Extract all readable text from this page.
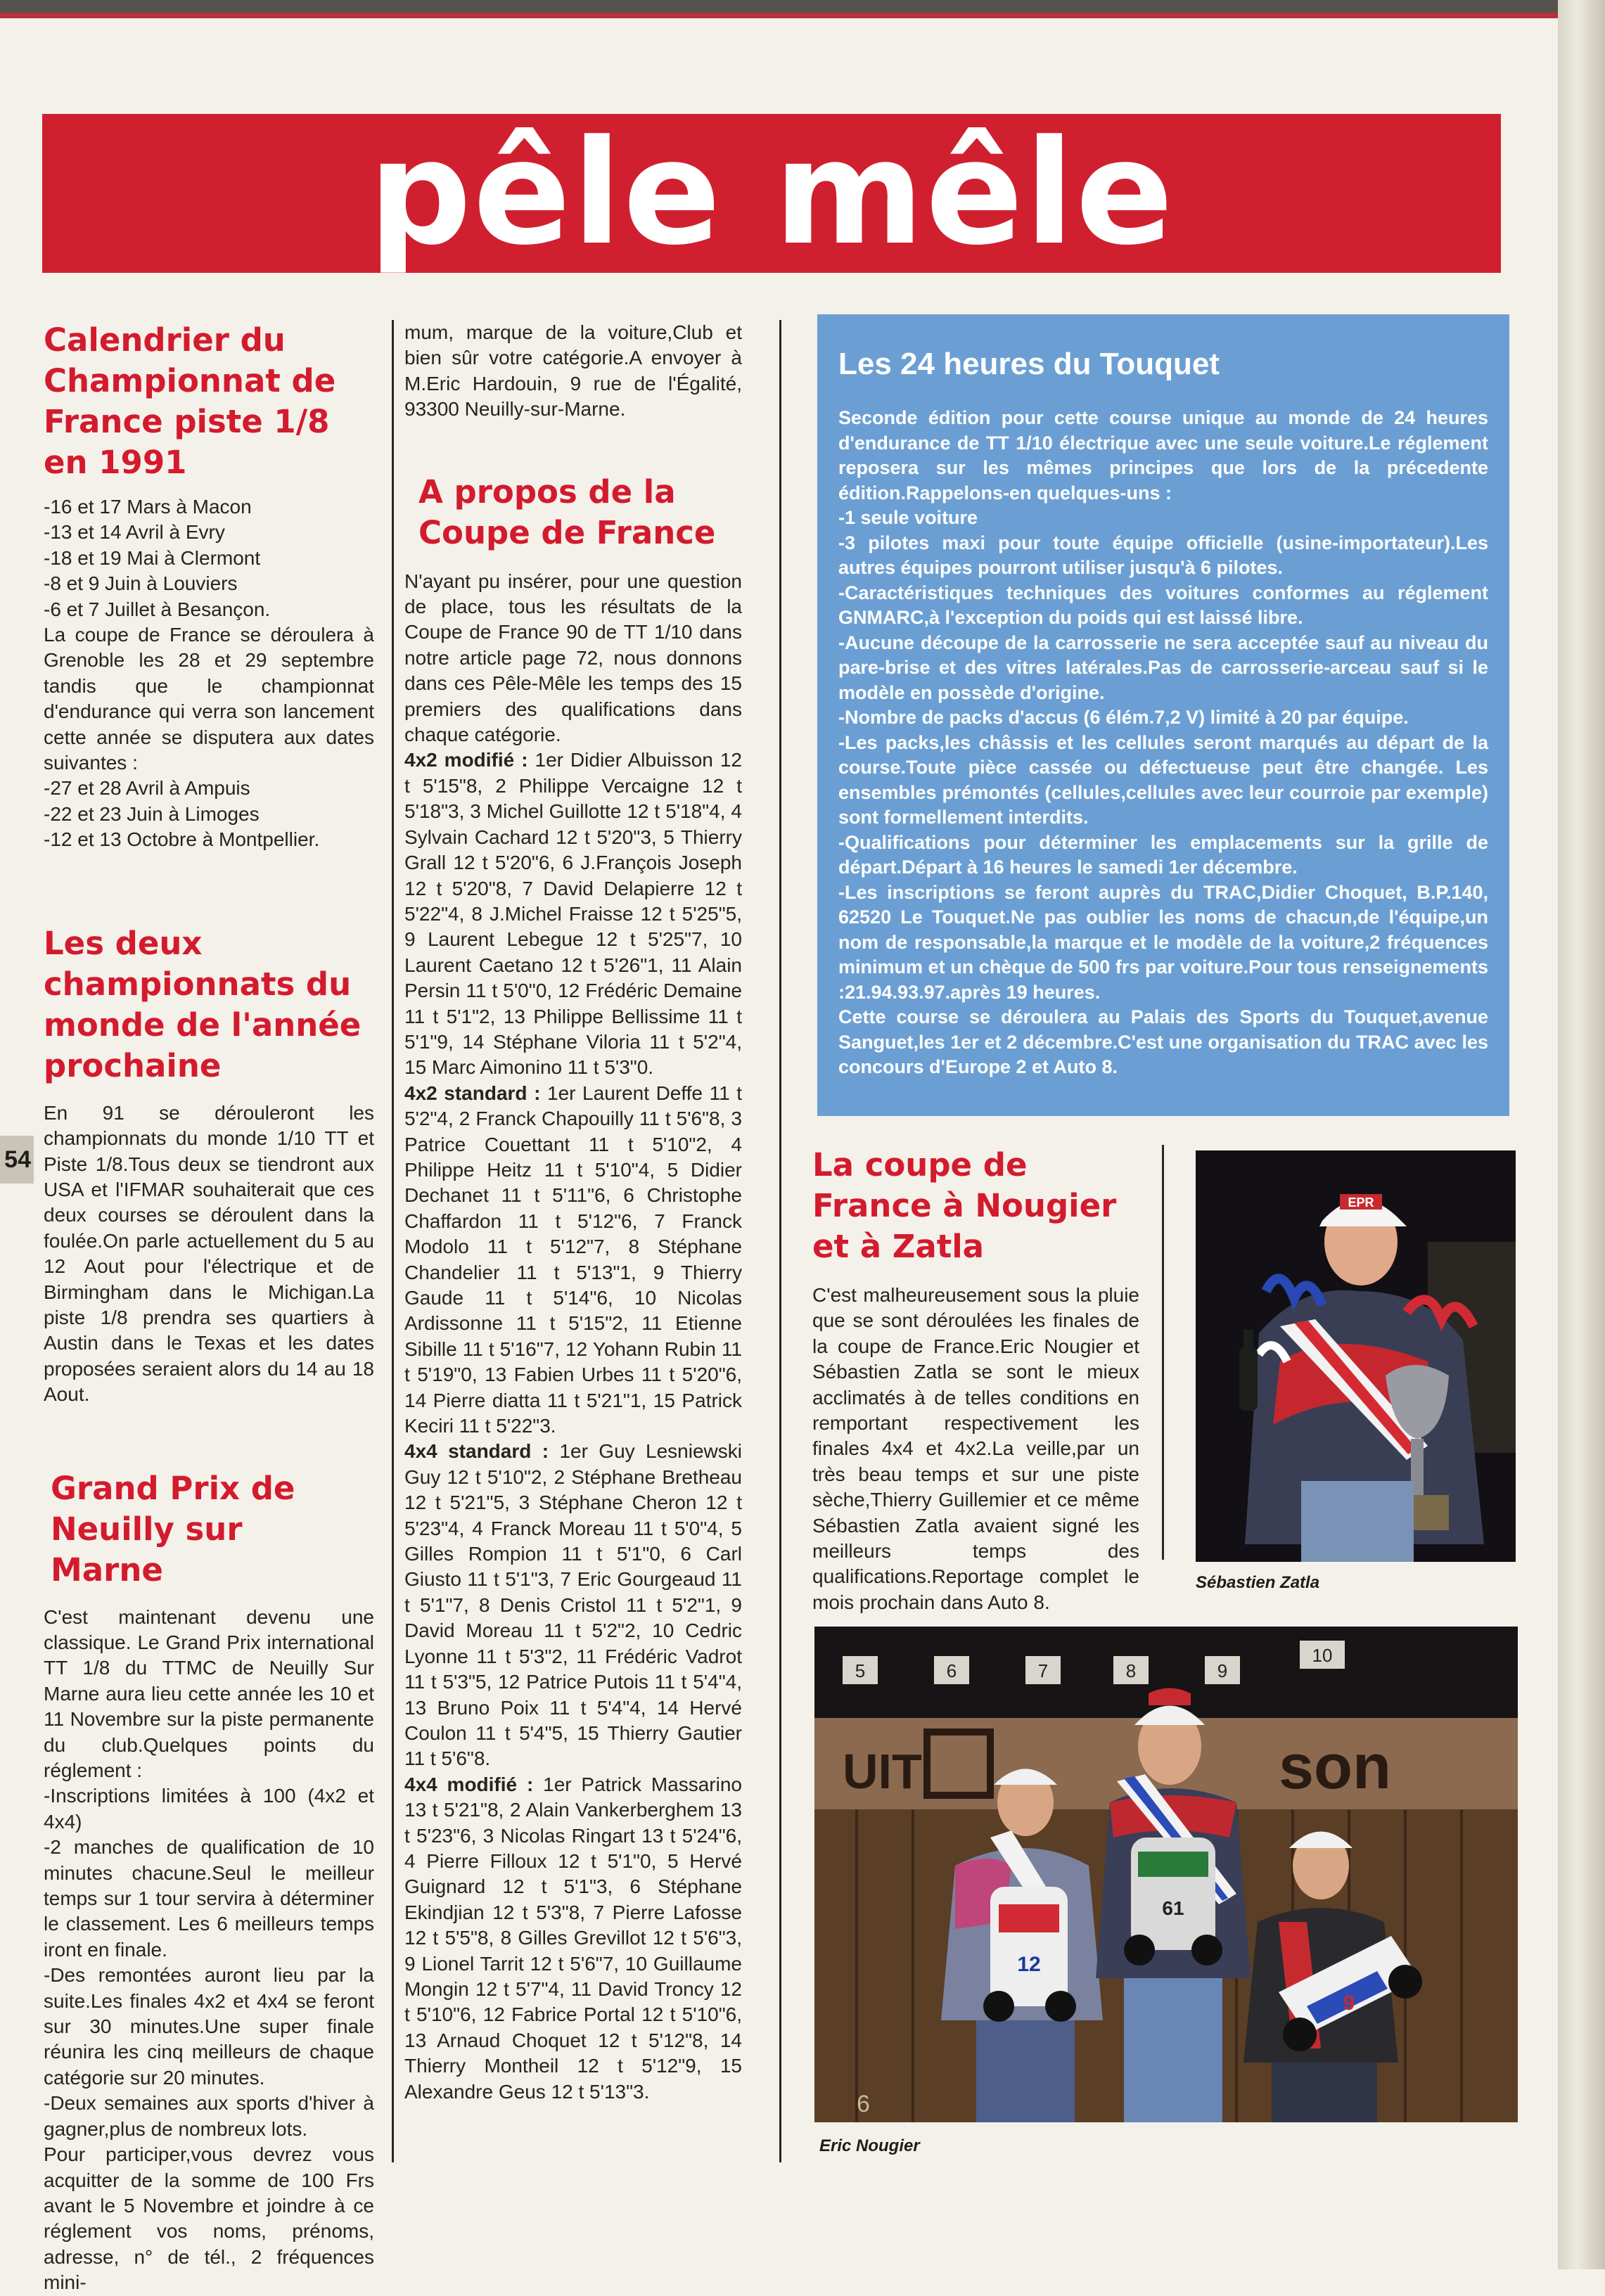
pêle mêle
54
Calendrier du Championnat de France piste 1/8 en 1991

-16 et 17 Mars à Macon

-13 et 14 Avril à Evry

-18 et 19 Mai à Clermont

-8 et 9 Juin à Louviers

-6 et 7 Juillet à Besançon.

La coupe de France se déroulera à Grenoble les 28 et 29 septembre tandis que le championnat d'endurance qui verra son lancement cette année se disputera aux dates suivantes :

-27 et 28 Avril à Ampuis

-22 et 23 Juin à Limoges

-12 et 13 Octobre à Montpellier.

Les deux championnats du monde de l'année prochaine

En 91 se dérouleront les championnats du monde 1/10 TT et Piste 1/8.Tous deux se tiendront aux USA et l'IFMAR souhaiterait que ces deux courses se déroulent dans la foulée.On parle actuellement du 5 au 12 Aout pour l'électrique et de Birmingham dans le Michigan.La piste 1/8 prendra ses quartiers à Austin dans le Texas et les dates proposées seraient alors du 14 au 18 Aout.

Grand Prix de Neuilly sur Marne

C'est maintenant devenu une classique. Le Grand Prix international TT 1/8 du TTMC de Neuilly Sur Marne aura lieu cette année les 10 et 11 Novembre sur la piste permanente du club.Quelques points du réglement :

-Inscriptions limitées à 100 (4x2 et 4x4)

-2 manches de qualification de 10 minutes chacune.Seul le meilleur temps sur 1 tour servira à déterminer le classement. Les 6 meilleurs temps iront en finale.

-Des remontées auront lieu par la suite.Les finales 4x2 et 4x4 se feront sur 30 minutes.Une super finale réunira les cinq meilleurs de chaque catégorie sur 20 minutes.

-Deux semaines aux sports d'hiver à gagner,plus de nombreux lots.

Pour participer,vous devrez vous acquitter de la somme de 100 Frs avant le 5 Novembre et joindre à ce réglement vos noms, prénoms, adresse, n° de tél., 2 fréquences mini-

mum, marque de la voiture,Club et bien sûr votre catégorie.A envoyer à M.Eric Hardouin, 9 rue de l'Égalité, 93300 Neuilly-sur-Marne.

A propos de la Coupe de France

N'ayant pu insérer, pour une question de place, tous les résultats de la Coupe de France 90 de TT 1/10 dans notre article page 72, nous donnons dans ces Pêle-Mêle les temps des 15 premiers des qualifications dans chaque catégorie.

4x2 modifié : 1er Didier Albuisson 12 t 5'15"8, 2 Philippe Vercaigne 12 t 5'18"3, 3 Michel Guillotte 12 t 5'18"4, 4 Sylvain Cachard 12 t 5'20"3, 5 Thierry Grall 12 t 5'20"6, 6 J.François Joseph 12 t 5'20"8, 7 David Delapierre 12 t 5'22"4, 8 J.Michel Fraisse 12 t 5'25"5, 9 Laurent Lebegue 12 t 5'25"7, 10 Laurent Caetano 12 t 5'26"1, 11 Alain Persin 11 t 5'0"0, 12 Frédéric Demaine 11 t 5'1"2, 13 Philippe Bellissime 11 t 5'1"9, 14 Stéphane Viloria 11 t 5'2"4, 15 Marc Aimonino 11 t 5'3"0.

4x2 standard : 1er Laurent Deffe 11 t 5'2"4, 2 Franck Chapouilly 11 t 5'6"8, 3 Patrice Couettant 11 t 5'10"2, 4 Philippe Heitz 11 t 5'10"4, 5 Didier Dechanet 11 t 5'11"6, 6 Christophe Chaffardon 11 t 5'12"6, 7 Franck Modolo 11 t 5'12"7, 8 Stéphane Chandelier 11 t 5'13"1, 9 Thierry Gaude 11 t 5'14"6, 10 Nicolas Ardissonne 11 t 5'15"2, 11 Etienne Sibille 11 t 5'16"7, 12 Yohann Rubin 11 t 5'19"0, 13 Fabien Urbes 11 t 5'20"6, 14 Pierre diatta 11 t 5'21"1, 15 Patrick Keciri 11 t 5'22"3.

4x4 standard : 1er Guy Lesniewski Guy 12 t 5'10"2, 2 Stéphane Bretheau 12 t 5'21"5, 3 Stéphane Cheron 12 t 5'23"4, 4 Franck Moreau 11 t 5'0"4, 5 Gilles Rompion 11 t 5'1"0, 6 Carl Giusto 11 t 5'1"3, 7 Eric Gourgeaud 11 t 5'1"7, 8 Denis Cristol 11 t 5'2"1, 9 David Moreau 11 t 5'2"2, 10 Cedric Lyonne 11 t 5'3"2, 11 Frédéric Vadrot 11 t 5'3"5, 12 Patrice Putois 11 t 5'4"4, 13 Bruno Poix 11 t 5'4"4, 14 Hervé Coulon 11 t 5'4"5, 15 Thierry Gautier 11 t 5'6"8.

4x4 modifié : 1er Patrick Massarino 13 t 5'21"8, 2 Alain Vankerberghem 13 t 5'23"6, 3 Nicolas Ringart 13 t 5'24"6, 4 Pierre Filloux 12 t 5'1"0, 5 Hervé Guignard 12 t 5'1"3, 6 Stéphane Ekindjian 12 t 5'3"8, 7 Pierre Lafosse 12 t 5'5"8, 8 Gilles Grevillot 12 t 5'6"3, 9 Lionel Tarrit 12 t 5'6"7, 10 Guillaume Mongin 12 t 5'7"4, 11 David Troncy 12 t 5'10"6, 12 Fabrice Portal 12 t 5'10"6, 13 Arnaud Choquet 12 t 5'12"8, 14 Thierry Montheil 12 t 5'12"9, 15 Alexandre Geus 12 t 5'13"3.

Les 24 heures du Touquet
Seconde édition pour cette course unique au monde de 24 heures d'endurance de TT 1/10 électrique avec une seule voiture.Le réglement reposera sur les mêmes principes que lors de la précedente édition.Rappelons-en quelques-uns :
-1 seule voiture
-3 pilotes maxi pour toute équipe officielle (usine-importateur).Les autres équipes pourront utiliser jusqu'à 6 pilotes.
-Caractéristiques techniques des voitures conformes au réglement GNMARC,à l'exception du poids qui est laissé libre.
-Aucune découpe de la carrosserie ne sera acceptée sauf au niveau du pare-brise et des vitres latérales.Pas de carrosserie-arceau sauf si le modèle en possède d'origine.
-Nombre de packs d'accus (6 élém.7,2 V) limité à 20 par équipe.
-Les packs,les châssis et les cellules seront marqués au départ de la course.Toute pièce cassée ou défectueuse peut être changée. Les ensembles prémontés (cellules,cellules avec leur courroie par exemple) sont formellement interdits.
-Qualifications pour déterminer les emplacements sur la grille de départ.Départ à 16 heures le samedi 1er décembre.
-Les inscriptions se feront auprès du TRAC,Didier Choquet, B.P.140, 62520 Le Touquet.Ne pas oublier les noms de chacun,de l'équipe,un nom de responsable,la marque et le modèle de la voiture,2 fréquences minimum et un chèque de 500 frs par voiture.Pour tous renseignements :21.94.93.97.après 19 heures.
Cette course se déroulera au Palais des Sports du Touquet,avenue Sanguet,les 1er et 2 décembre.C'est une organisation du TRAC avec les concours d'Europe 2 et Auto 8.
La coupe de France à Nougier et à Zatla

C'est malheureusement sous la pluie que se sont déroulées les finales de la coupe de France.Eric Nougier et Sébastien Zatla se sont le mieux acclimatés à de telles conditions en remportant respectivement les finales 4x4 et 4x2.La veille,par un très beau temps et sur une piste sèche,Thierry Guillemier et ce même Sébastien Zatla avaient signé les meilleurs temps des qualifications.Reportage complet le mois prochain dans Auto 8.

EPR
Sébastien Zatla
5	6	7	8	9
10
UIT	son
12
61
9
6
Eric Nougier
